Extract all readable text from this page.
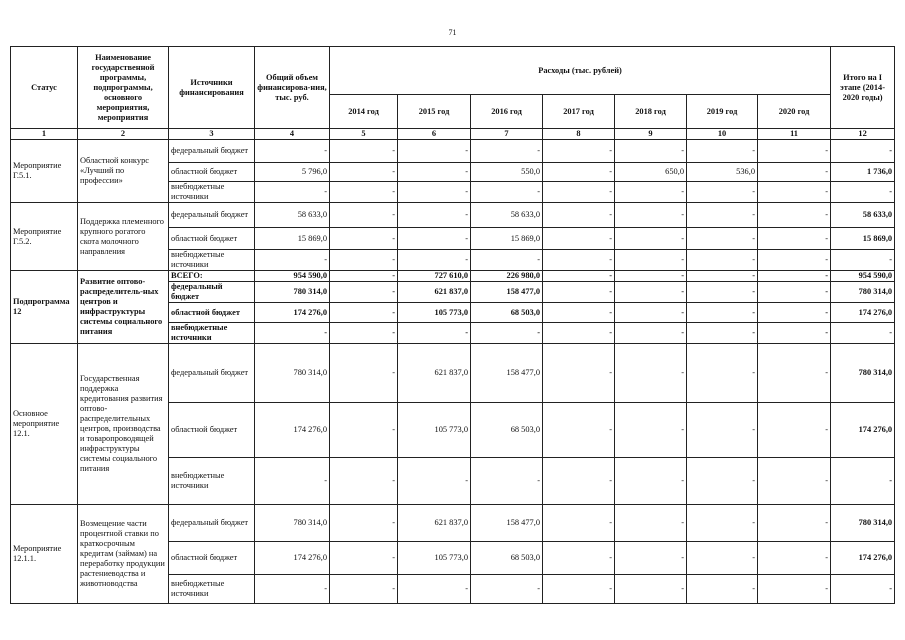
71
Статус	Наименование государственной программы, подпрограммы, основного мероприятия, мероприятия	Источники финансирования	Общий объем финансирова-ния, тыс. руб.	Расходы (тыс. рублей)							Итого на I этапе (2014-2020 годы)
				2014 год	2015 год	2016 год	2017 год	2018 год	2019 год	2020 год	
1	2	3	4	5	6	7	8	9	10	11	12
Мероприятие Г.5.1.	Областной конкурс «Лучший по профессии»	федеральный бюджет	-	-	-	-	-	-	-	-	-
		областной бюджет	5 796,0	-	-	550,0	-	650,0	536,0	-	1 736,0
		внебюджетные источники	-	-	-	-	-	-	-	-	-
Мероприятие Г.5.2.	Поддержка племенного крупного рогатого скота молочного направления	федеральный бюджет	58 633,0	-	-	58 633,0	-	-	-	-	58 633,0
		областной бюджет	15 869,0	-	-	15 869,0	-	-	-	-	15 869,0
		внебюджетные источники	-	-	-	-	-	-	-	-	-
Подпрограмма 12	Развитие оптово-распределитель-ных центров и инфраструктуры системы социального питания	ВСЕГО:	954 590,0	-	727 610,0	226 980,0	-	-	-	-	954 590,0
		федеральный бюджет	780 314,0	-	621 837,0	158 477,0	-	-	-	-	780 314,0
		областной бюджет	174 276,0	-	105 773,0	68 503,0	-	-	-	-	174 276,0
		внебюджетные источники	-	-	-	-	-	-	-	-	-
Основное мероприятие 12.1.	Государственная поддержка кредитования развития оптово-распределительных центров, производства и товаропроводящей инфраструктуры системы социального питания	федеральный бюджет	780 314,0	-	621 837,0	158 477,0	-	-	-	-	780 314,0
		областной бюджет	174 276,0	-	105 773,0	68 503,0	-	-	-	-	174 276,0
		внебюджетные источники	-	-	-	-	-	-	-	-	-
Мероприятие 12.1.1.	Возмещение части процентной ставки по краткосрочным кредитам (займам) на переработку продукции растениеводства и животноводства	федеральный бюджет	780 314,0	-	621 837,0	158 477,0	-	-	-	-	780 314,0
		областной бюджет	174 276,0	-	105 773,0	68 503,0	-	-	-	-	174 276,0
		внебюджетные источники	-	-	-	-	-	-	-	-	-
